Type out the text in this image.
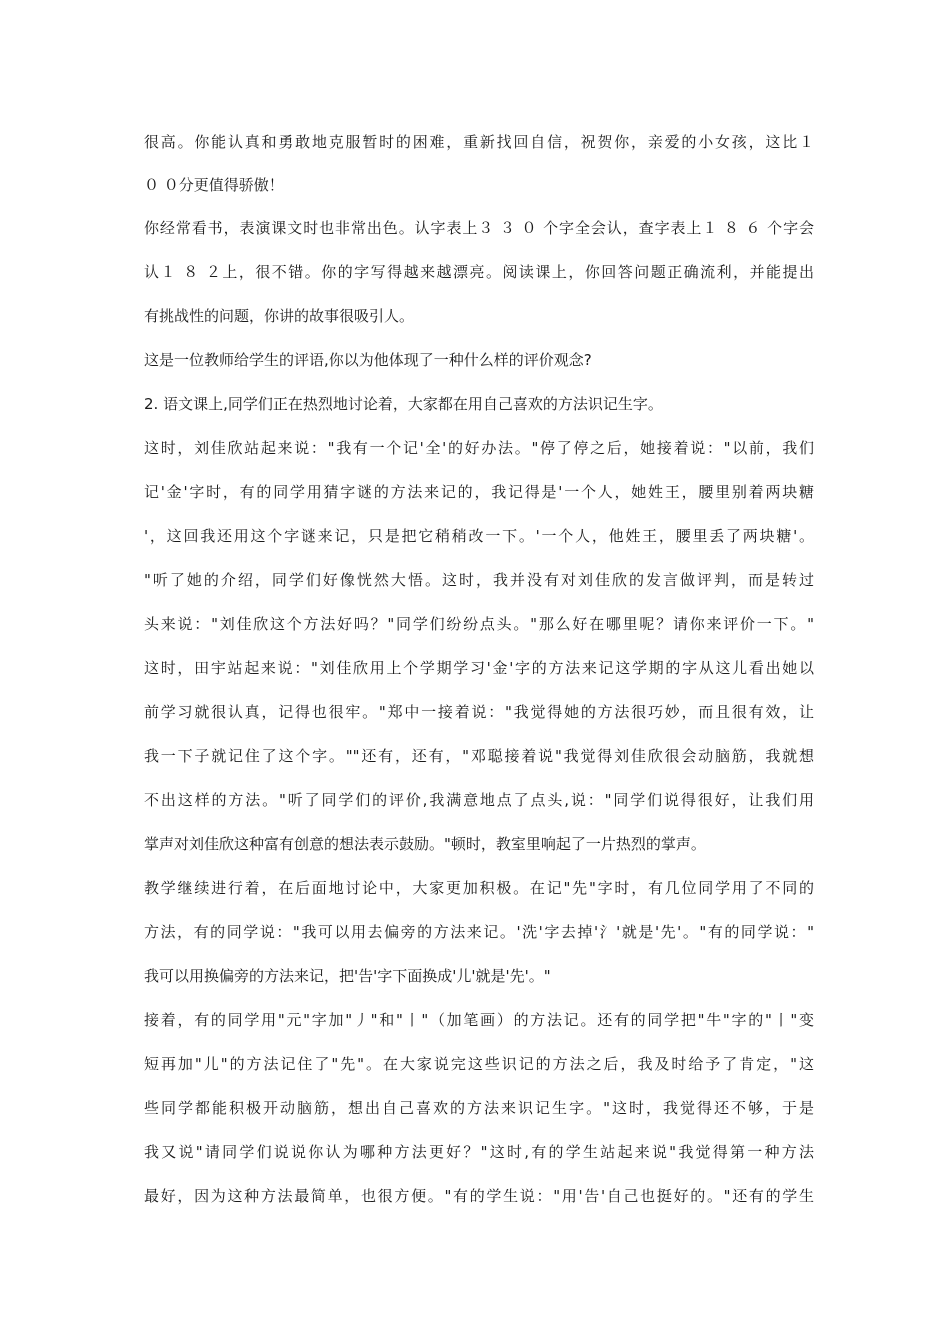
很高。你能认真和勇敢地克服暂时的困难，重新找回自信，祝贺你，亲爱的小女孩，这比１
０ ０分更值得骄傲！
你经常看书，表演课文时也非常出色。认字表上３ ３ ０ 个字全会认，查字表上１ ８ ６ 个字会
认１ ８ ２上，很不错。你的字写得越来越漂亮。阅读课上，你回答问题正确流利，并能提出
有挑战性的问题，你讲的故事很吸引人。
这是一位教师给学生的评语,你以为他体现了一种什么样的评价观念?
2. 语文课上,同学们正在热烈地讨论着，大家都在用自己喜欢的方法识记生字。
这时，刘佳欣站起来说："我有一个记'全'的好办法。"停了停之后，她接着说："以前，我们
记'金'字时，有的同学用猜字谜的方法来记的，我记得是'一个人，她姓王，腰里别着两块糖
'，这回我还用这个字谜来记，只是把它稍稍改一下。'一个人，他姓王，腰里丢了两块糖'。
"听了她的介绍，同学们好像恍然大悟。这时，我并没有对刘佳欣的发言做评判，而是转过
头来说："刘佳欣这个方法好吗？"同学们纷纷点头。"那么好在哪里呢？请你来评价一下。"
这时，田宇站起来说："刘佳欣用上个学期学习'金'字的方法来记这学期的字从这儿看出她以
前学习就很认真，记得也很牢。"郑中一接着说："我觉得她的方法很巧妙，而且很有效，让
我一下子就记住了这个字。""还有，还有，"邓聪接着说"我觉得刘佳欣很会动脑筋，我就想
不出这样的方法。"听了同学们的评价,我满意地点了点头,说："同学们说得很好，让我们用
掌声对刘佳欣这种富有创意的想法表示鼓励。"顿时，教室里响起了一片热烈的掌声。
教学继续进行着，在后面地讨论中，大家更加积极。在记"先"字时，有几位同学用了不同的
方法，有的同学说："我可以用去偏旁的方法来记。'洗'字去掉'氵'就是'先'。"有的同学说："
我可以用换偏旁的方法来记，把'告'字下面换成'儿'就是'先'。"
接着，有的同学用"元"字加"丿"和"丨"（加笔画）的方法记。还有的同学把"牛"字的"丨"变
短再加"儿"的方法记住了"先"。在大家说完这些识记的方法之后，我及时给予了肯定，"这
些同学都能积极开动脑筋，想出自己喜欢的方法来识记生字。"这时，我觉得还不够，于是
我又说"请同学们说说你认为哪种方法更好？"这时,有的学生站起来说"我觉得第一种方法
最好，因为这种方法最简单，也很方便。"有的学生说："用'告'自己也挺好的。"还有的学生
